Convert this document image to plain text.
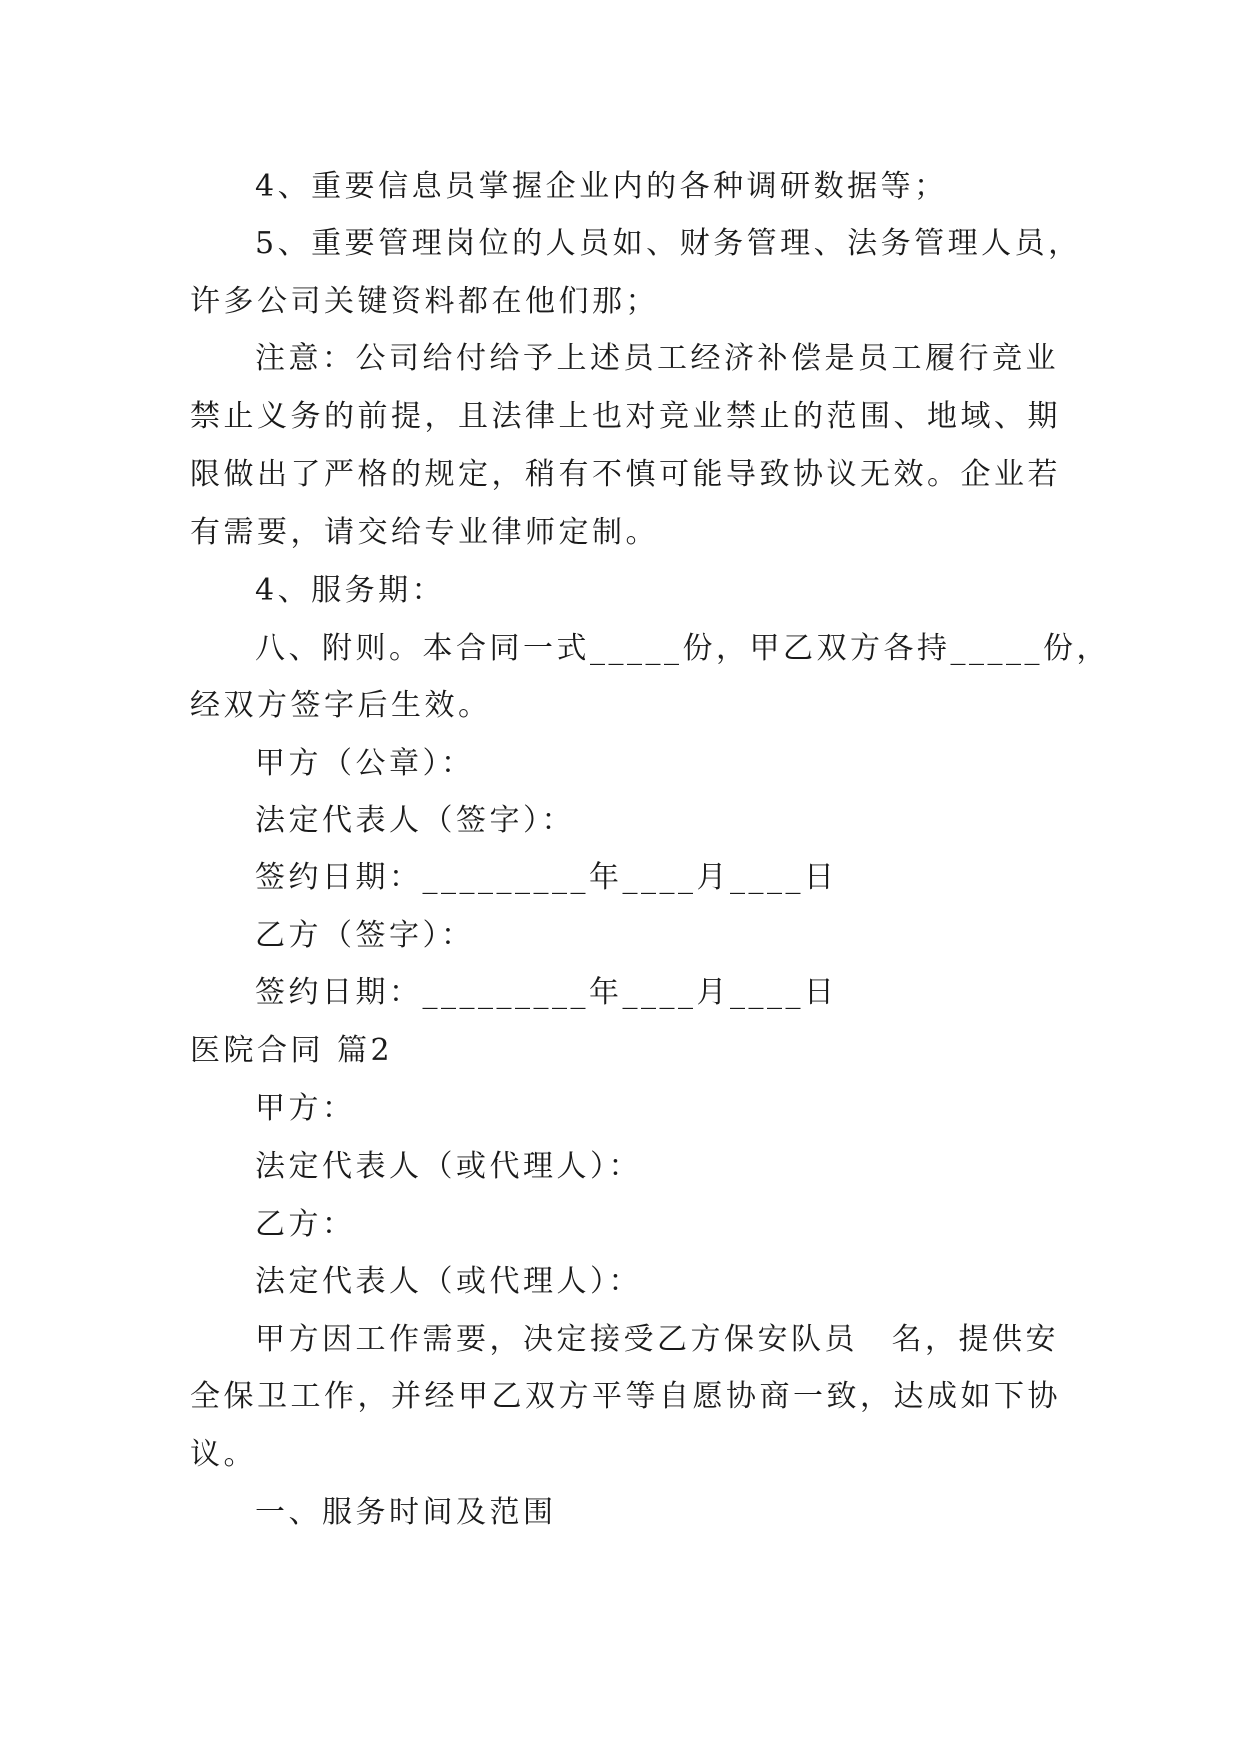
4、重要信息员掌握企业内的各种调研数据等；
5、重要管理岗位的人员如、财务管理、法务管理人员，
许多公司关键资料都在他们那；
注意：公司给付给予上述员工经济补偿是员工履行竞业
禁止义务的前提，且法律上也对竞业禁止的范围、地域、期
限做出了严格的规定，稍有不慎可能导致协议无效。企业若
有需要，请交给专业律师定制。
4、服务期：
八、附则。本合同一式_____份，甲乙双方各持_____份，
经双方签字后生效。
甲方（公章）：
法定代表人（签字）：
签约日期：_________年____月____日
乙方（签字）：
签约日期：_________年____月____日
医院合同 篇2
甲方：
法定代表人（或代理人）：
乙方：
法定代表人（或代理人）：
甲方因工作需要，决定接受乙方保安队员　名，提供安
全保卫工作，并经甲乙双方平等自愿协商一致，达成如下协
议。
一、服务时间及范围
